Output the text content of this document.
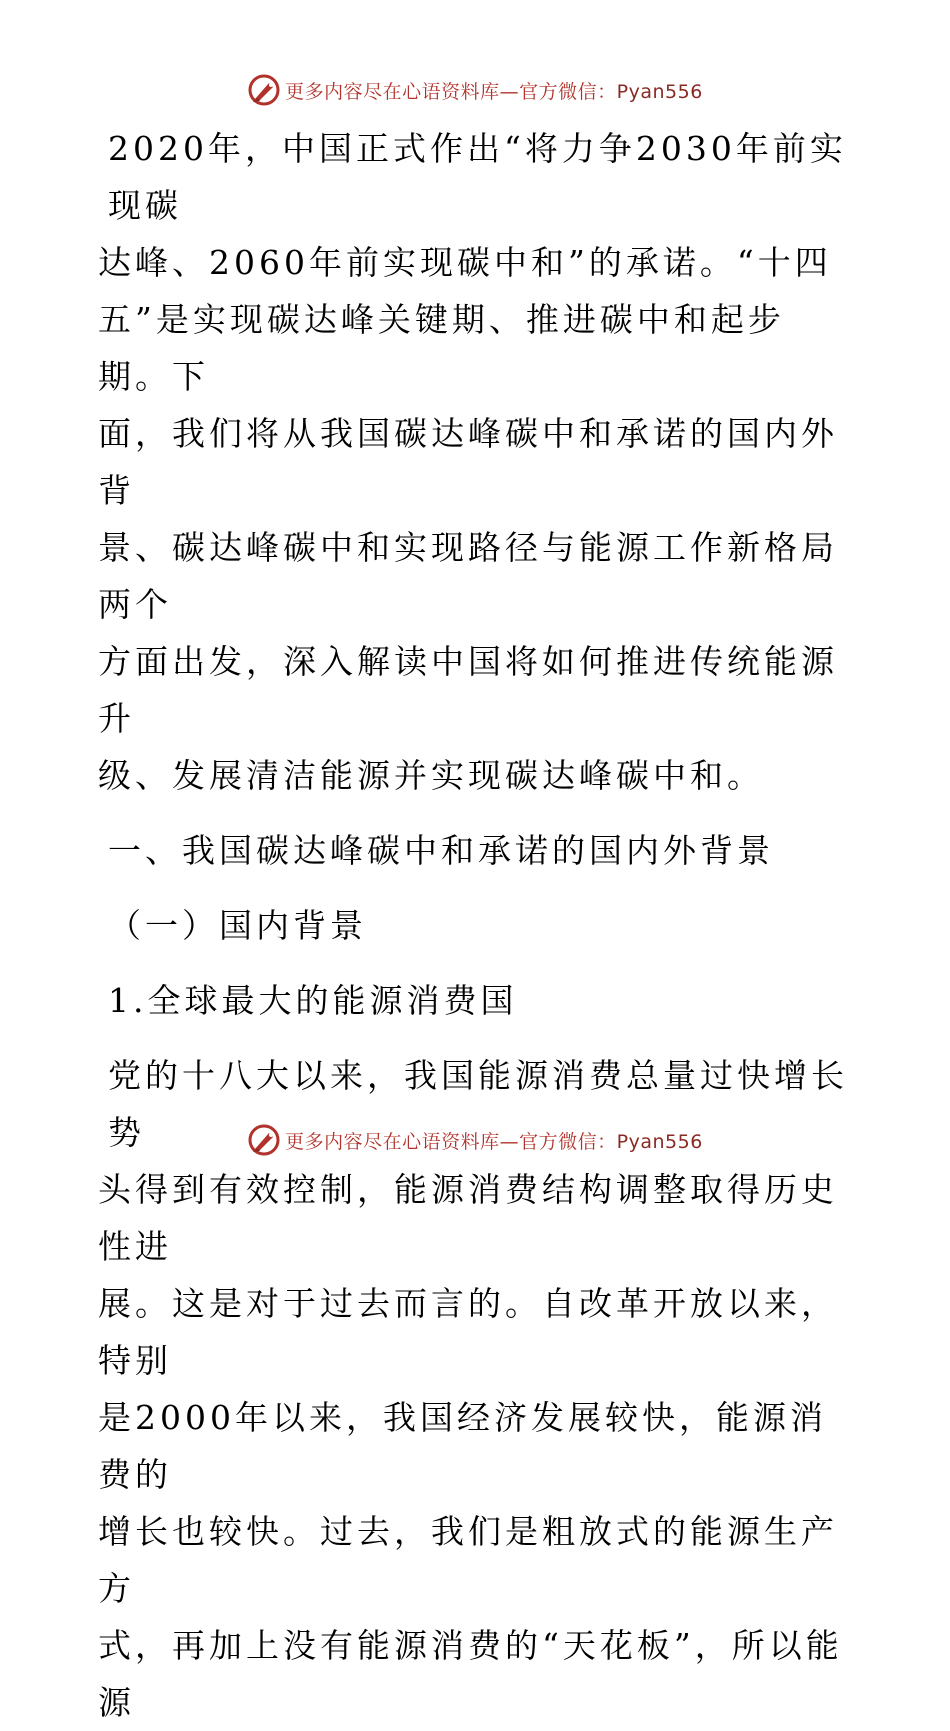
更多内容尽在心语资料库—官方微信：Pyan556

2020年，中国正式作出“将力争2030年前实现碳
达峰、2060年前实现碳中和”的承诺。“十四
五”是实现碳达峰关键期、推进碳中和起步期。下
面，我们将从我国碳达峰碳中和承诺的国内外背
景、碳达峰碳中和实现路径与能源工作新格局两个
方面出发，深入解读中国将如何推进传统能源升
级、发展清洁能源并实现碳达峰碳中和。

一、我国碳达峰碳中和承诺的国内外背景

（一）国内背景

1.全球最大的能源消费国

党的十八大以来，我国能源消费总量过快增长势
头得到有效控制，能源消费结构调整取得历史性进
展。这是对于过去而言的。自改革开放以来，特别
是2000年以来，我国经济发展较快，能源消费的
增长也较快。过去，我们是粗放式的能源生产方
式，再加上没有能源消费的“天花板”，所以能源

更多内容尽在心语资料库—官方微信：Pyan556
